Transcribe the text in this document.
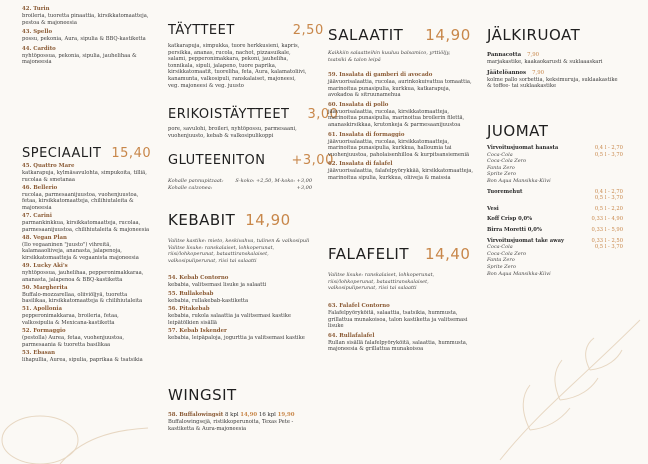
42. Turin
broileria, tuoretta pinaattia, kirsikkatomaatteja, pestoa & majoneesia
43. Spello
possu, pekonia, Aura, sipulia & BBQ-kastiketta
44. Cardito
nyhtöpossua, pekonia, sipulia, jauhelihaa & majoneesia
SPECIAALIT 15,40
45. Quattro Mare
katkarapuja, kylmäsavulohta, simpukoita, tilliä, rucolaa & smetanaa
46. Bellerio
rucolaa, parmesaanijuustoa, vuohenjuustoa, fetaa, kirsikkatomaatteja, chilihiutaleita & majoneesia
47. Carini
parmankinkkua, kirsikkatomaatteja, rucolaa, parmesaanijuustoa, chilihiutaleita & majoneesia
48. Vegan Plan
(Ilo vegaaninen "juusto") vihreitä, kalamaaoliiveja, ananasta, jalapenoja, kirsikkatomaatteja & vegaanista majoneesia
49. Lucky Aki's
nyhtöpossua, jauhelihaa, pepperonimakkaraa, ananasta, jalapenoa & BBQ-kastiketta
50. Margherita
Buffalo-mozzarellaa, oliiviöljyä, tuoretta basilikaa, kirsikkatomaatteja & chilihiutaleita
51. Apollonia
pepperonimakkaraa, broileria, fetaa, valkosipulia & Mexicana-kastiketta
52. Formaggio
(pestolla) Aurea, fetaa, vuohenjuustoa, parmesaania & tuoretta basilikaa
53. Ebasan
lihapullia, Aurea, sipulia, paprikaa & tsatsikia
TÄYTTEET	2,50
katkarapuja, simpukka, tuore herkkusieni, kapris, persikka, ananas, rucola, nachot, pizzasuikale, salami, pepperonimakkara, pekoni, jauheliha, tonnikala, sipuli, jalapeno, tuore paprika, kirsikkatomaatit, tuoreliha, feta, Aura, kalamatoliivi, kanamunta, valkosipuli, ranskalaiset, majoneesi, veg. majoneesi & veg. juusto
ERIKOISTÄYTTEET 3,00
pore, savulohi, broileri, nyhtöpossu, parmesaani, vuohenjuusto, kebab & valkosipulikoppi
GLUTEENITON +3,00
Kohalle pannupitzaat: S-koko: +2,50, M-koko: +3,00
Kohalle calzonea:	+3,00
KEBABIT 14,90
Valitse kastike: mieto, keskivahva, tulinen & valkosipuli Valitse lisuke: ranskalaiset, lohkoperunat, riisi/lohkoperunat, bataattiranskalaiset, valkosipuliperunat, riisi tai salaatti
54. Kebab Contorno
kebabia, valitsemasi lisuke ja salaatti
55. Rullakebab
kebabia, rullakebab-kastiketta
56. Pitakebab
kebabia, rukola salaattia ja valitsemasi kastike leipätölkien sisällä
57. Kebab Iskender
kebabia, leipäpaloja, jogurttia ja valitsemasi kastike
WINGSIT
58. Buffalowingsit 8 kpl 14,90 16 kpl 19,90
Buffalowingsejä, ristikkoperunoita, Texas Pete -kastiketta & Aura-majoneesia
SALAATIT 14,90
Kaikkiin salaatteihin kuuluu balsamico, yrttiöljy, tsatsiki & talon leipä
59. Insalata di gamberi di avocado
jäävuorisalaattia, rucolaa, aurinkokuivattua tomaattia, marinoitua punasipulia, kurkkua, katkarapuja, avokadoa & sitruunamehua
60. Insalata di pollo
jäävuorisalaattia, rucolaa, kirsikkatomaatteja, marinoitua punasipulia, marinoitua broilerin filettä, ananaskirsikkaa, krutonkeja & parmesaanijuustoa
61. Insalata di formaggio
jäävuorisalaattia, rucolaa, kirsikkatomaatteja, marinoitua punasipulia, kurkkua, halloumia tai vuohenjuustoa, paholaisenhilloa & kurpitsansiemeniä
62. Insalata di falafel
jäävuorisalaattia, falafelpyörykkää, kirsikkatomaatteja, marinoitua sipulia, kurkkua, oliiveja & maissia
FALAFELIT 14,40
Valitse lisuke: ranskalaiset, lohkoperunat, riisi/lohkoperunat, bataattiranskalaiset, valkosipuliperunat, riisi tai salaatti
63. Falafel Contorno
Falafelpyöryköitä, salaattia, tsatsikia, hummusta, grillattua munakoisoa, talon kastiketta ja valitsemasi lisuke
64. Rullafalafel
Rullan sisällä falafelpyöryköitä, salaattia, hummusta, majoneesia & grillattua munakoisoa
JÄLKIRUOAT
Pannacotta 7,90
marjakastike, kaakaokarusti & suklaaaskari
Jäätelöannos 7,90
kolme pallo sorbettia, keksimuruja, suklaakastike & toffee- tai suklaakastike
JUOMAT
Virvoitusjuomat hanasta	0,4 l - 2,70
Coca-Cola
Coca-Cola Zero
Fanta Zero
Sprite Zero
Bon Aqua Mansikka-Kiivi
0,5 l - 3,70
Tuoremehut	0,4 l - 2,70
0,5 l - 3,70
Vesi	0,5 l - 2,20
Koff Crisp 0,0%	0,33 l - 4,90
Birra Moretti 0,0%	0,33 l - 5,90
Virvoitusjuomat take away	0,33 l - 2,50
Coca-Cola
Coca-Cola Zero
Fanta Zero
Sprite Zero
Bon Aqua Mansikka-Kiivi
0,5 l - 3,70
